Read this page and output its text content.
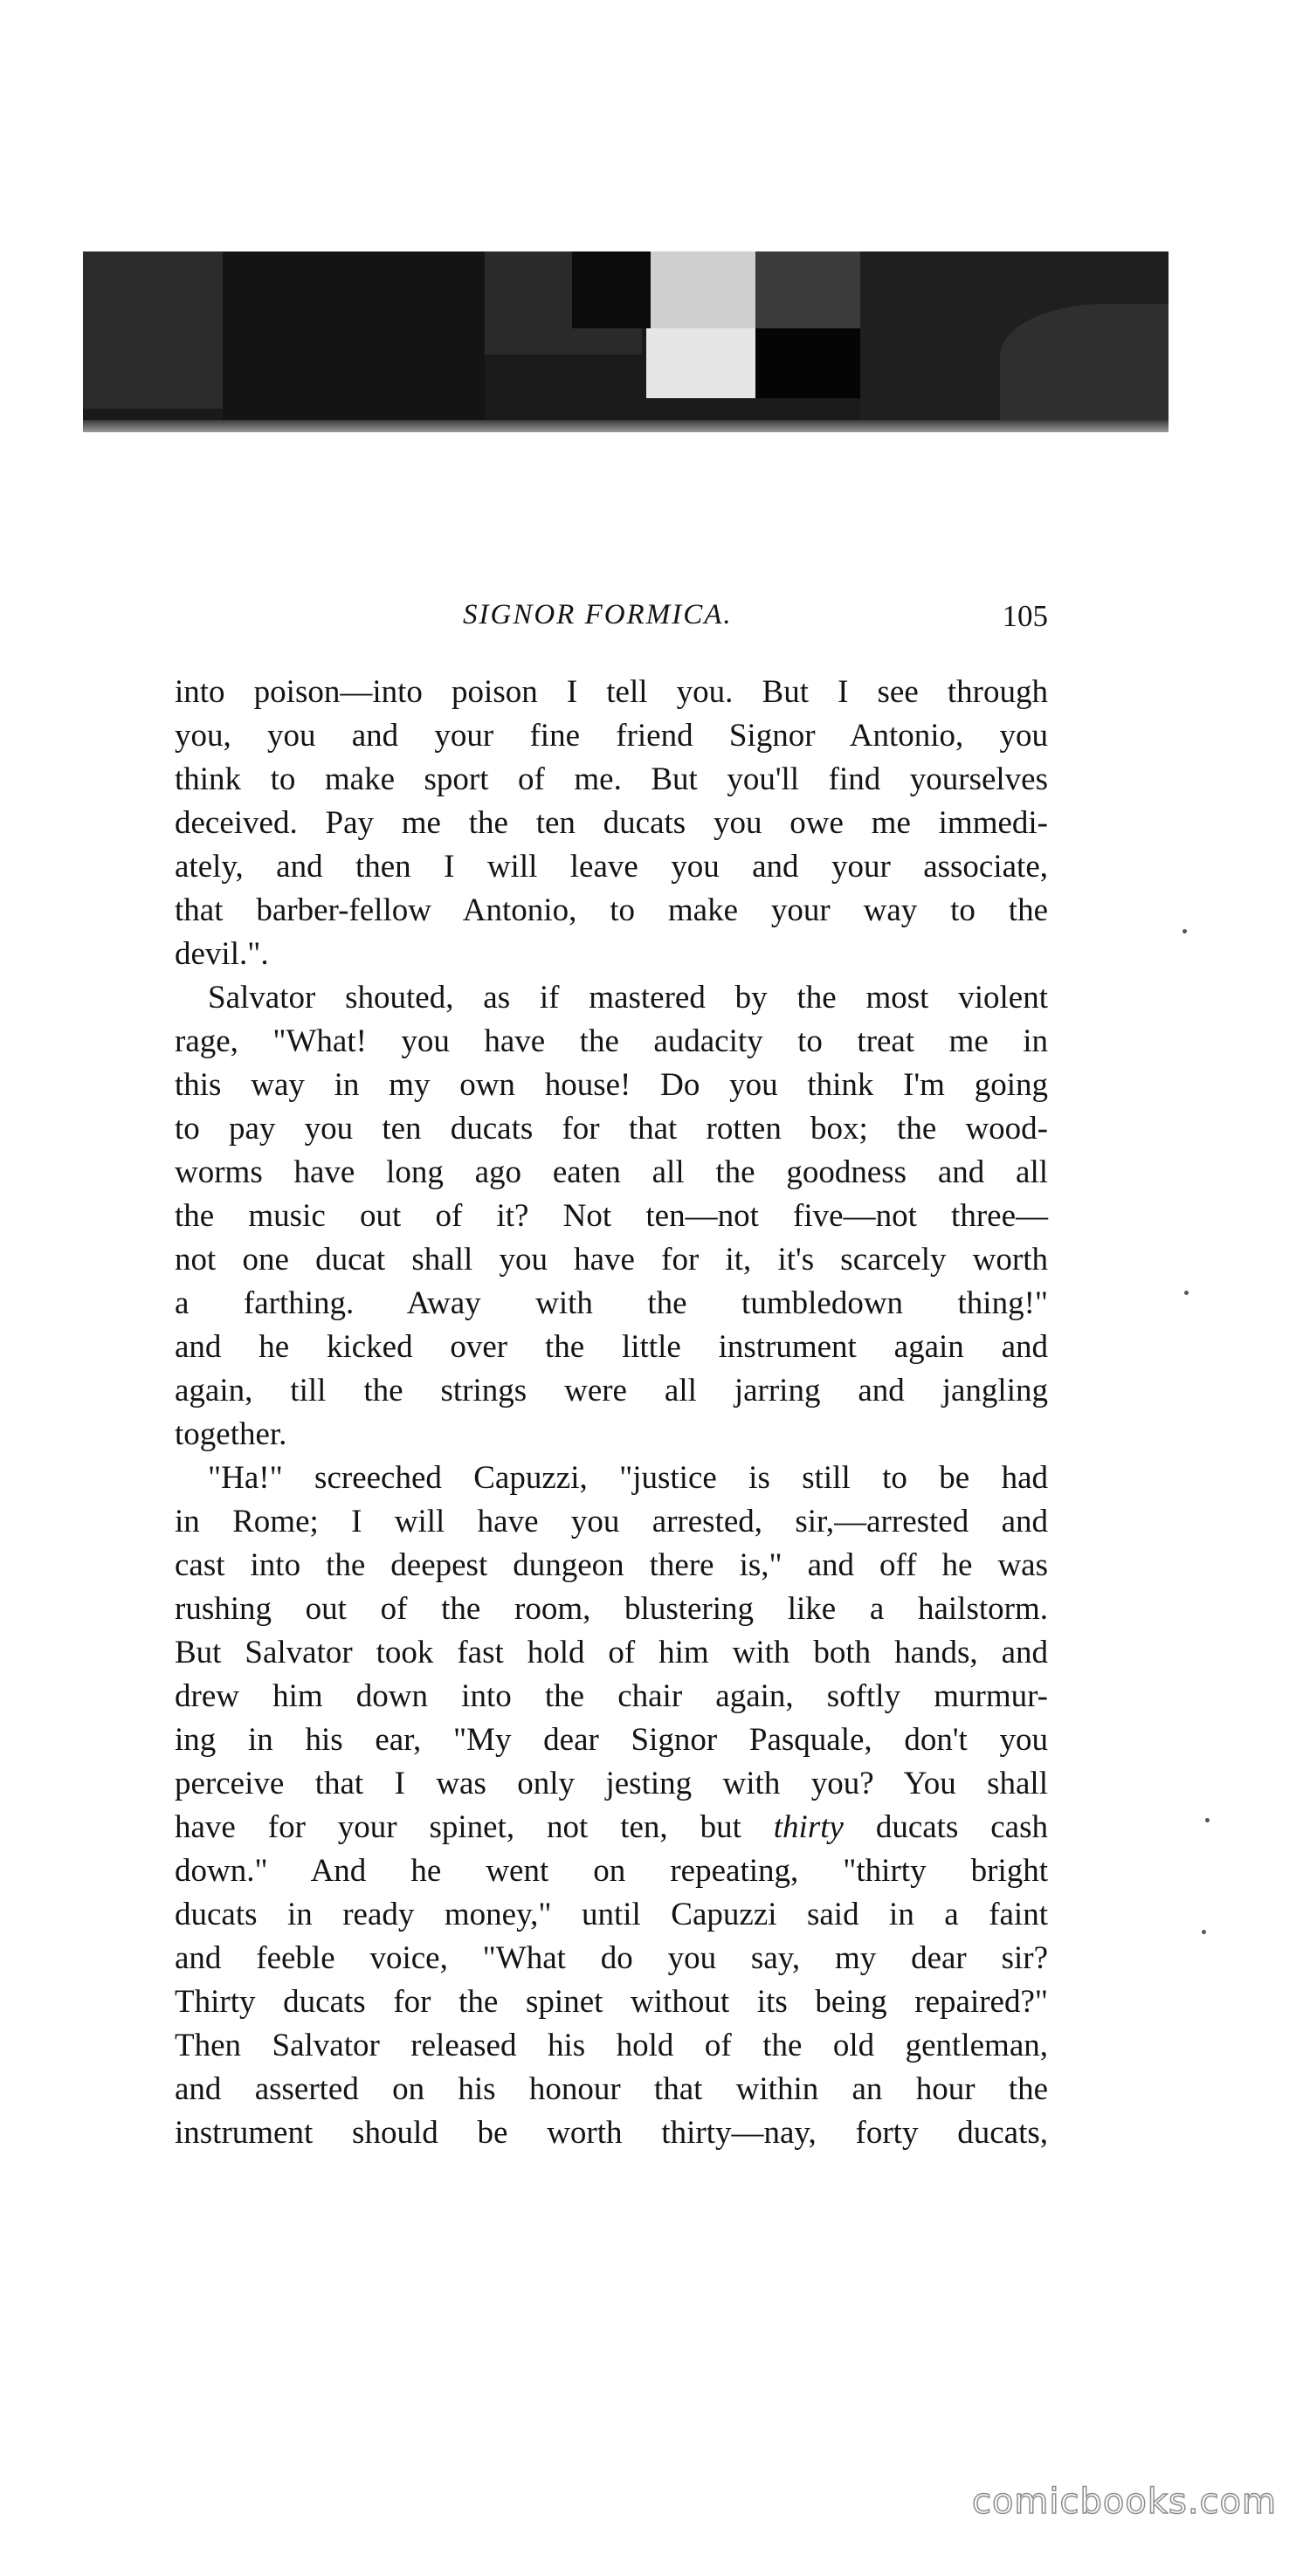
SIGNOR FORMICA.	105
into poison—into poison I tell you. But I see through
you, you and your fine friend Signor Antonio, you
think to make sport of me. But you'll find yourselves
deceived. Pay me the ten ducats you owe me immedi-
ately, and then I will leave you and your associate,
that barber-fellow Antonio, to make your way to the
devil.".
Salvator shouted, as if mastered by the most violent
rage, "What! you have the audacity to treat me in
this way in my own house! Do you think I'm going
to pay you ten ducats for that rotten box; the wood-
worms have long ago eaten all the goodness and all
the music out of it? Not ten—not five—not three—
not one ducat shall you have for it, it's scarcely worth
a farthing. Away with the tumbledown thing!"
and he kicked over the little instrument again and
again, till the strings were all jarring and jangling
together.
"Ha!" screeched Capuzzi, "justice is still to be had
in Rome; I will have you arrested, sir,—arrested and
cast into the deepest dungeon there is," and off he was
rushing out of the room, blustering like a hailstorm.
But Salvator took fast hold of him with both hands, and
drew him down into the chair again, softly murmur-
ing in his ear, "My dear Signor Pasquale, don't you
perceive that I was only jesting with you? You shall
have for your spinet, not ten, but thirty ducats cash
down." And he went on repeating, "thirty bright
ducats in ready money," until Capuzzi said in a faint
and feeble voice, "What do you say, my dear sir?
Thirty ducats for the spinet without its being repaired?"
Then Salvator released his hold of the old gentleman,
and asserted on his honour that within an hour the
instrument should be worth thirty—nay, forty ducats,
comicbooks.com
